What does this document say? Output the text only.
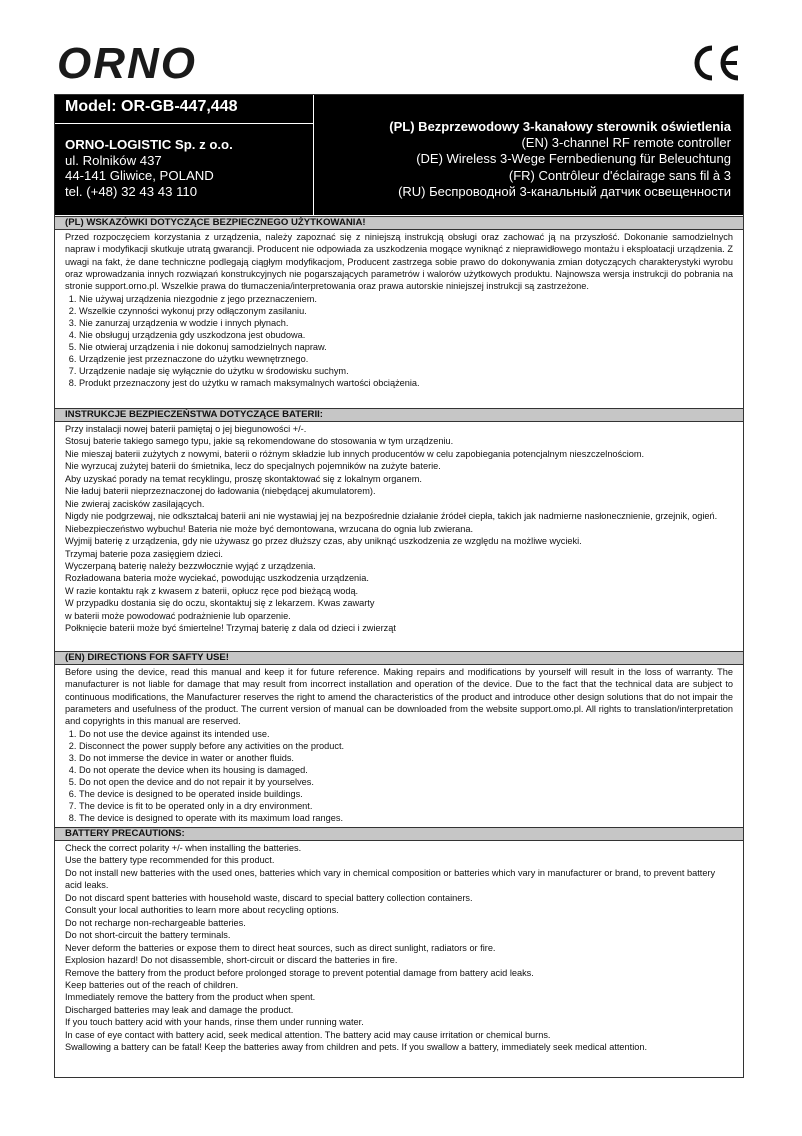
ORNO
Model: OR-GB-447,448
ORNO-LOGISTIC Sp. z o.o.
ul. Rolników 437
44-141 Gliwice, POLAND
tel. (+48) 32 43 43 110
(PL) Bezprzewodowy 3-kanałowy sterownik oświetlenia
(EN) 3-channel RF remote controller
(DE) Wireless 3-Wege Fernbedienung für Beleuchtung
(FR) Contrôleur d'éclairage sans fil à 3
(RU) Беспроводной 3-канальный датчик освещенности
(PL) WSKAZÓWKI DOTYCZĄCE BEZPIECZNEGO UŻYTKOWANIA!
Przed rozpoczęciem korzystania z urządzenia, należy zapoznać się z niniejszą instrukcją obsługi oraz zachować ją na przyszłość. Dokonanie samodzielnych napraw i modyfikacji skutkuje utratą gwarancji. Producent nie odpowiada za uszkodzenia mogące wyniknąć z nieprawidłowego montażu i eksploatacji urządzenia. Z uwagi na fakt, że dane techniczne podlegają ciągłym modyfikacjom, Producent zastrzega sobie prawo do dokonywania zmian dotyczących charakterystyki wyrobu oraz wprowadzania innych rozwiązań konstrukcyjnych nie pogarszających parametrów i walorów użytkowych produktu. Najnowsza wersja instrukcji do pobrania na stronie support.orno.pl. Wszelkie prawa do tłumaczenia/interpretowania oraz prawa autorskie niniejszej instrukcji są zastrzeżone.
1. Nie używaj urządzenia niezgodnie z jego przeznaczeniem.
2. Wszelkie czynności wykonuj przy odłączonym zasilaniu.
3. Nie zanurzaj urządzenia w wodzie i innych płynach.
4. Nie obsługuj urządzenia gdy uszkodzona jest obudowa.
5. Nie otwieraj urządzenia i nie dokonuj samodzielnych napraw.
6. Urządzenie jest przeznaczone do użytku wewnętrznego.
7. Urządzenie nadaje się wyłącznie do użytku w środowisku suchym.
8. Produkt przeznaczony jest do użytku w ramach maksymalnych wartości obciążenia.
INSTRUKCJE BEZPIECZEŃSTWA DOTYCZĄCE BATERII:
Przy instalacji nowej baterii pamiętaj o jej biegunowości +/-.
Stosuj baterie takiego samego typu, jakie są rekomendowane do stosowania w tym urządzeniu.
Nie mieszaj baterii zużytych z nowymi, baterii o różnym składzie lub innych producentów w celu zapobiegania potencjalnym nieszczelnościom.
Nie wyrzucaj zużytej baterii do śmietnika, lecz do specjalnych pojemników na zużyte baterie.
Aby uzyskać porady na temat recyklingu, proszę skontaktować się z lokalnym organem.
Nie ładuj baterii nieprzeznaczonej do ładowania (niebędącej akumulatorem).
Nie zwieraj zacisków zasilających.
Nigdy nie podgrzewaj, nie odkształcaj baterii ani nie wystawiaj jej na bezpośrednie działanie źródeł ciepła, takich jak nadmierne nasłonecznienie, grzejnik, ogień.
Niebezpieczeństwo wybuchu! Bateria nie może być demontowana, wrzucana do ognia lub zwierana.
Wyjmij baterię z urządzenia, gdy nie używasz go przez dłuższy czas, aby uniknąć uszkodzenia ze względu na możliwe wycieki.
Trzymaj baterie poza zasięgiem dzieci.
Wyczerpaną baterię należy bezzwłocznie wyjąć z urządzenia.
Rozładowana bateria może wyciekać, powodując uszkodzenia urządzenia.
W razie kontaktu rąk z kwasem z baterii, opłucz ręce pod bieżącą wodą.
W przypadku dostania się do oczu, skontaktuj się z lekarzem. Kwas zawarty
w baterii może powodować podrażnienie lub oparzenie.
Połknięcie baterii może być śmiertelne! Trzymaj baterię z dala od dzieci i zwierząt
(EN) DIRECTIONS FOR SAFTY USE!
Before using the device, read this manual and keep it for future reference. Making repairs and modifications by yourself will result in the loss of warranty. The manufacturer is not liable for damage that may result from incorrect installation and operation of the device. Due to the fact that the technical data are subject to continuous modifications, the Manufacturer reserves the right to amend the characteristics of the product and introduce other design solutions that do not impair the parameters and usefulness of the product. The current version of manual can be downloaded from the website support.omo.pl. All rights to translation/interpretation and copyrights in this manual are reserved.
1. Do not use the device against its intended use.
2. Disconnect the power supply before any activities on the product.
3. Do not immerse the device in water or another fluids.
4. Do not operate the device when its housing is damaged.
5. Do not open the device and do not repair it by yourselves.
6. The device is designed to be operated inside buildings.
7. The device is fit to be operated only in a dry environment.
8. The device is designed to operate with its maximum load ranges.
BATTERY PRECAUTIONS:
Check the correct polarity +/- when installing the batteries.
Use the battery type recommended for this product.
Do not install new batteries with the used ones, batteries which vary in chemical composition or batteries which vary in manufacturer or brand, to prevent battery acid leaks.
Do not discard spent batteries with household waste, discard to special battery collection containers.
Consult your local authorities to learn more about recycling options.
Do not recharge non-rechargeable batteries.
Do not short-circuit the battery terminals.
Never deform the batteries or expose them to direct heat sources, such as direct sunlight, radiators or fire.
Explosion hazard! Do not disassemble, short-circuit or discard the batteries in fire.
Remove the battery from the product before prolonged storage to prevent potential damage from battery acid leaks.
Keep batteries out of the reach of children.
Immediately remove the battery from the product when spent.
Discharged batteries may leak and damage the product.
If you touch battery acid with your hands, rinse them under running water.
In case of eye contact with battery acid, seek medical attention. The battery acid may cause irritation or chemical burns.
Swallowing a battery can be fatal! Keep the batteries away from children and pets. If you swallow a battery, immediately seek medical attention.
